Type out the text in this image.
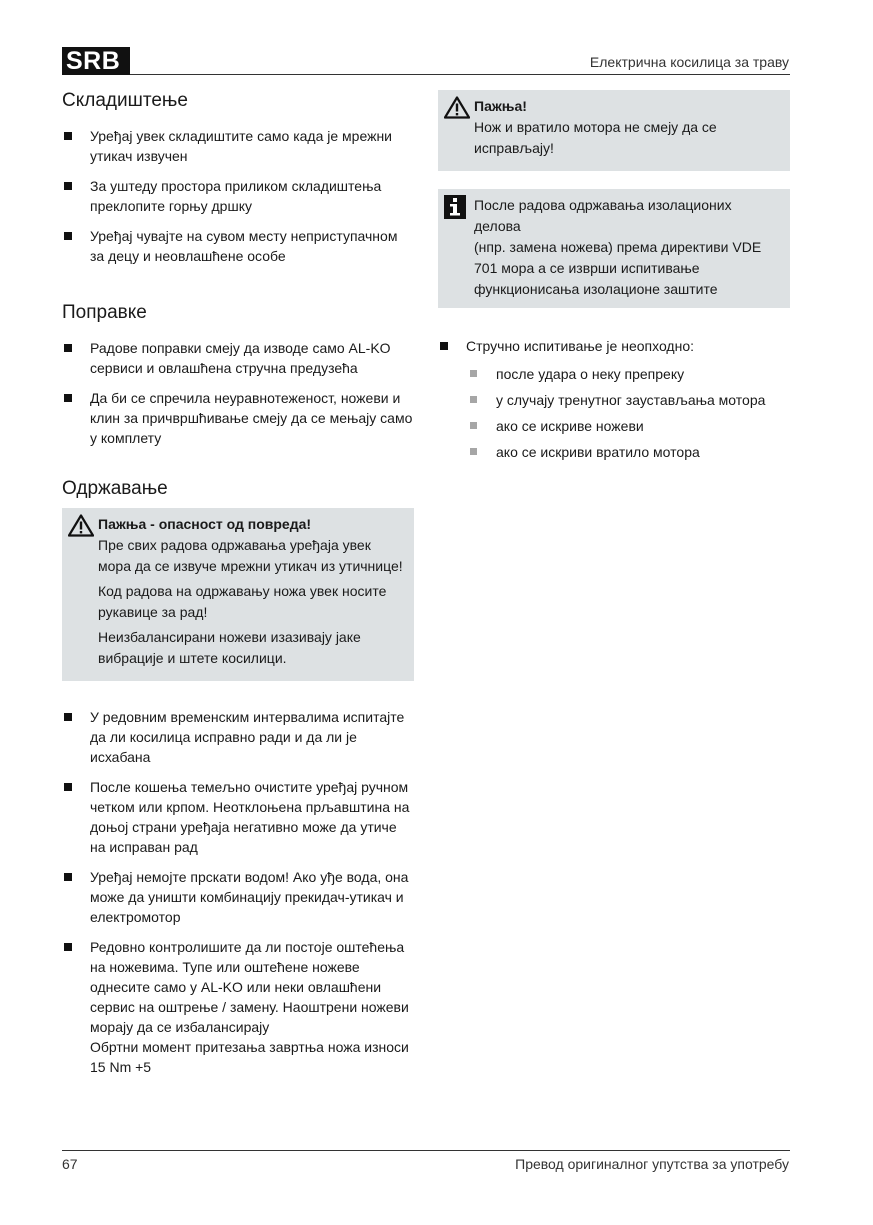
SRB	Електрична косилица за траву
Складиштење
Уређај увек складиштите само када је мрежни утикач извучен
За уштеду простора приликом складиштења преклопите горњу дршку
Уређај чувајте на сувом месту неприступачном за децу и неовлашћене особе
Поправке
Радове поправки смеју да изводе само AL-KO сервиси и овлашћена стручна предузећа
Да би се спречила неуравнотеженост, ножеви и клин за причвршћивање смеју да се мењају само у комплету
Одржавање
Пажња - опасност од повреда!

Пре свих радова одржавања уређаја увек мора да се извуче мрежни утикач из утичнице!

Код радова на одржавању ножа увек носите рукавице за рад!

Неизбалансирани ножеви изазивају јаке вибрације и штете косилици.

У редовним временским интервалима испитајте да ли косилица исправно ради и да ли је исхабана
После кошења темељно очистите уређај ручном четком или крпом. Неотклоњена прљавштина на доњој страни уређаја негативно може да утиче на исправан рад
Уређај немојте прскати водом! Ако уђе вода, она може да уништи комбинацију прекидач-утикач и електромотор
Редовно контролишите да ли постоје оштећења на ножевима. Тупе или оштећене ножеве однесите само у AL-KO или неки овлашћени сервис на оштрење / замену. Наоштрени ножеви морају да се избалансирају
Обртни момент притезања завртња ножа износи 15 Nm +5
Пажња!

Нож и вратило мотора не смеју да се исправљају!

После радова одржавања изолационих делова

(нпр. замена ножева) према директиви VDE 701 мора а се изврши испитивање функционисања изолационе заштите

Стручно испитивање је неопходно:
после удара о неку препреку
у случају тренутног заустављања мотора
ако се искриве ножеви
ако се искриви вратило мотора
67	Превод оригиналног упутства за употребу
